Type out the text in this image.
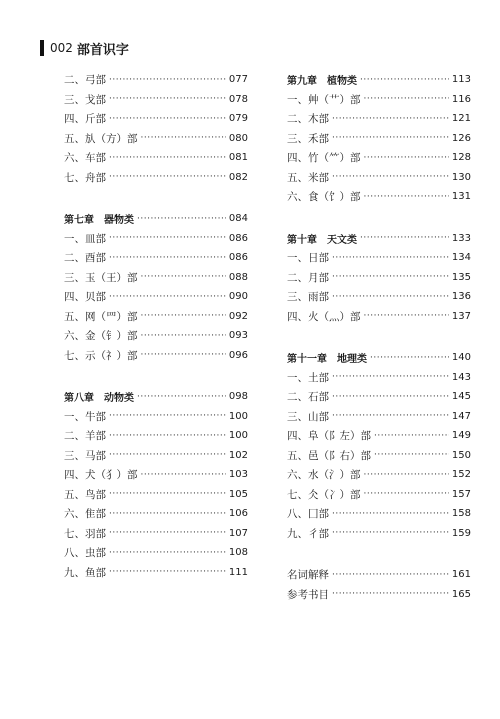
002 部首识字
二、弓部 ·····	077
三、戈部 ·····	078
四、斤部 ·····	079
五、㫃（方）部 ·····	080
六、车部 ·····	081
七、舟部 ·····	082
第七章　器物类 ·····	084
一、皿部 ·····	086
二、酉部 ·····	086
三、玉（王）部 ·····	088
四、贝部 ·····	090
五、网（罒）部 ·····	092
六、金（钅）部 ·····	093
七、示（礻）部 ·····	096
第八章　动物类 ·····	098
一、牛部 ·····	100
二、羊部 ·····	100
三、马部 ·····	102
四、犬（犭）部 ·····	103
五、鸟部 ·····	105
六、隹部 ·····	106
七、羽部 ·····	107
八、虫部 ·····	108
九、鱼部 ·····	111
第九章　植物类 ·····	113
一、艸（艹）部 ·····	116
二、木部 ·····	121
三、禾部 ·····	126
四、竹（⺮）部 ·····	128
五、米部 ·····	130
六、食（饣）部 ·····	131
第十章　天文类 ·····	133
一、日部 ·····	134
二、月部 ·····	135
三、雨部 ·····	136
四、火（灬）部 ·····	137
第十一章　地理类 ·····	140
一、土部 ·····	143
二、石部 ·····	145
三、山部 ·····	147
四、阜（阝左）部 ·····	149
五、邑（阝右）部 ·····	150
六、水（氵）部 ·····	152
七、仌（冫）部 ·····	157
八、囗部 ·····	158
九、彳部 ·····	159
名词解释 ·····	161
参考书目 ·····	165
